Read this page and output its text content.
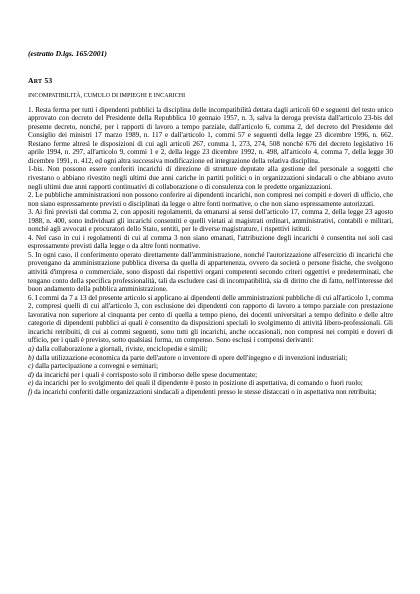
(estratto D.lgs. 165/2001)
ART 53
INCOMPATIBILITÀ, CUMULO DI IMPIEGHI E INCARICHI

1. Resta ferma per tutti i dipendenti pubblici la disciplina delle incompatibilità dettata dagli articoli 60 e seguenti del testo unico approvato con decreto del Presidente della Repubblica 10 gennaio 1957, n. 3, salva la deroga prevista dall'articolo 23-bis del presente decreto, nonché, per i rapporti di lavoro a tempo parziale, dall'articolo 6, comma 2, del decreto del Presidente del Consiglio dei ministri 17 marzo 1989, n. 117 e dall'articolo 1, commi 57 e seguenti della legge 23 dicembre 1996, n. 662. Restano ferme altresì le disposizioni di cui agli articoli 267, comma 1, 273, 274, 508 nonché 676 del decreto legislativo 16 aprile 1994, n. 297, all'articolo 9, commi 1 e 2, della legge 23 dicembre 1992, n. 498, all'articolo 4, comma 7, della legge 30 dicembre 1991, n. 412, ed ogni altra successiva modificazione ed integrazione della relativa disciplina.

1-bis. Non possono essere conferiti incarichi di direzione di strutture deputate alla gestione del personale a soggetti che rivestano o abbiano rivestito negli ultimi due anni cariche in partiti politici o in organizzazioni sindacali o che abbiano avuto negli ultimi due anni rapporti continuativi di collaborazione o di consulenza con le predette organizzazioni.

2. Le pubbliche amministrazioni non possono conferire ai dipendenti incarichi, non compresi nei compiti e doveri di ufficio, che non siano espressamente previsti o disciplinati da legge o altre fonti normative, o che non siano espressamente autorizzati.

3. Ai fini previsti dal comma 2, con appositi regolamenti, da emanarsi ai sensi dell'articolo 17, comma 2, della legge 23 agosto 1988, n. 400, sono individuati gli incarichi consentiti e quelli vietati ai magistrati ordinari, amministrativi, contabili e militari, nonché agli avvocati e procuratori dello Stato, sentiti, per le diverse magistrature, i rispettivi istituti.

4. Nel caso in cui i regolamenti di cui al comma 3 non siano emanati, l'attribuzione degli incarichi è consentita nei soli casi espressamente previsti dalla legge o da altre fonti normative.

5. In ogni caso, il conferimento operato direttamente dall'amministrazione, nonché l'autorizzazione all'esercizio di incarichi che provengano da amministrazione pubblica diversa da quella di appartenenza, ovvero da società o persone fisiche, che svolgono attività d'impresa o commerciale, sono disposti dai rispettivi organi competenti secondo criteri oggettivi e predeterminati, che tengano conto della specifica professionalità, tali da escludere casi di incompatibilità, sia di diritto che di fatto, nell'interesse del buon andamento della pubblica amministrazione.

6. I commi da 7 a 13 del presente articolo si applicano ai dipendenti delle amministrazioni pubbliche di cui all'articolo 1, comma 2, compresi quelli di cui all'articolo 3, con esclusione dei dipendenti con rapporto di lavoro a tempo parziale con prestazione lavorativa non superiore al cinquanta per cento di quella a tempo pieno, dei docenti universitari a tempo definito e delle altre categorie di dipendenti pubblici ai quali è consentito da disposizioni speciali lo svolgimento di attività libero-professionali. Gli incarichi retribuiti, di cui ai commi seguenti, sono tutti gli incarichi, anche occasionali, non compresi nei compiti e doveri di ufficio, per i quali è previsto, sotto qualsiasi forma, un compenso. Sono esclusi i compensi derivanti:

a) dalla collaborazione a giornali, riviste, enciclopedie e simili;
b) dalla utilizzazione economica da parte dell'autore o inventore di opere dell'ingegno e di invenzioni industriali;
c) dalla partecipazione a convegni e seminari;
d) da incarichi per i quali è corrisposto solo il rimborso delle spese documentate;
e) da incarichi per lo svolgimento dei quali il dipendente è posto in posizione di aspettativa, di comando o fuori ruolo;
f) da incarichi conferiti dalle organizzazioni sindacali a dipendenti presso le stesse distaccati o in aspettativa non retribuita;
